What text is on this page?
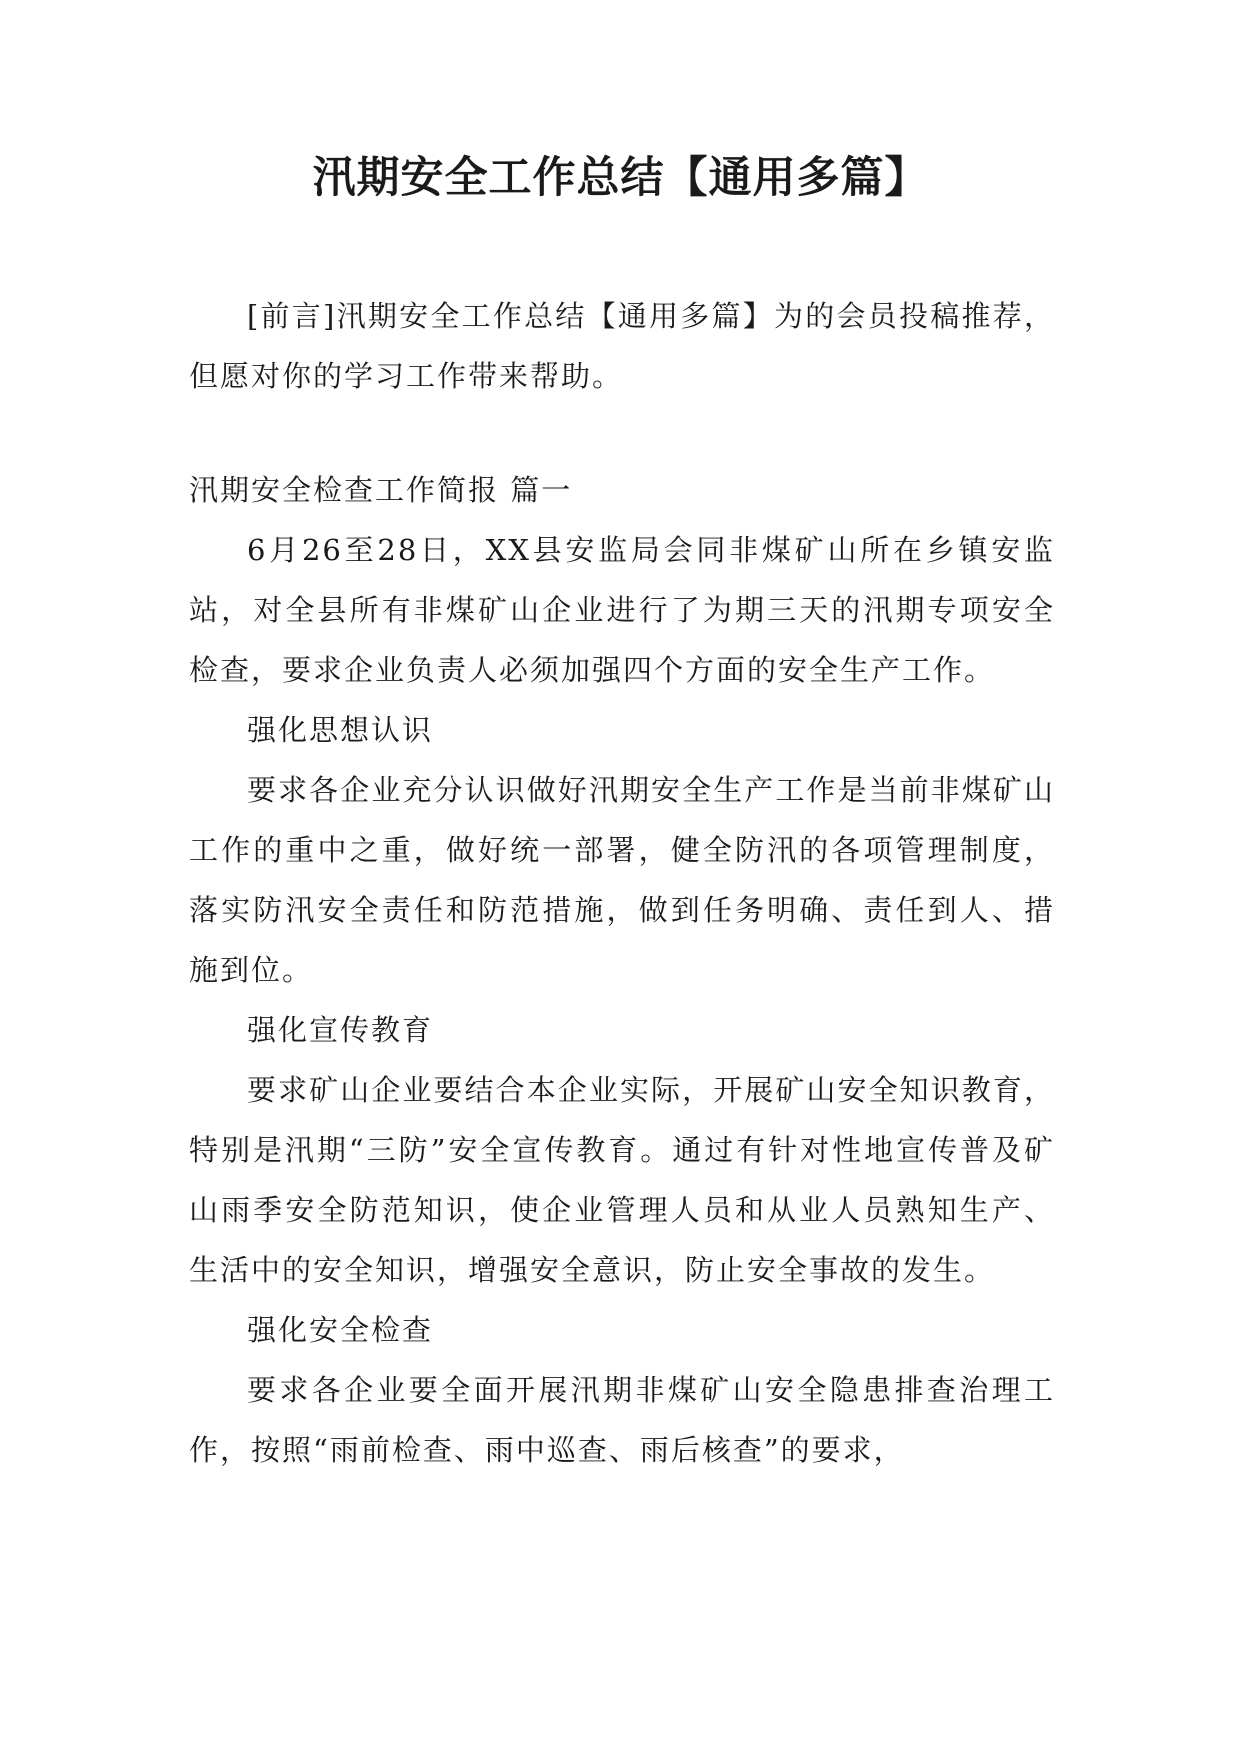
汛期安全工作总结【通用多篇】

[前言]汛期安全工作总结【通用多篇】为的会员投稿推荐，但愿对你的学习工作带来帮助。

汛期安全检查工作简报 篇一

6月26至28日，XX县安监局会同非煤矿山所在乡镇安监站，对全县所有非煤矿山企业进行了为期三天的汛期专项安全检查，要求企业负责人必须加强四个方面的安全生产工作。

强化思想认识

要求各企业充分认识做好汛期安全生产工作是当前非煤矿山工作的重中之重，做好统一部署，健全防汛的各项管理制度，落实防汛安全责任和防范措施，做到任务明确、责任到人、措施到位。

强化宣传教育

要求矿山企业要结合本企业实际，开展矿山安全知识教育，特别是汛期“三防”安全宣传教育。通过有针对性地宣传普及矿山雨季安全防范知识，使企业管理人员和从业人员熟知生产、生活中的安全知识，增强安全意识，防止安全事故的发生。

强化安全检查

要求各企业要全面开展汛期非煤矿山安全隐患排查治理工作，按照“雨前检查、雨中巡查、雨后核查”的要求，
